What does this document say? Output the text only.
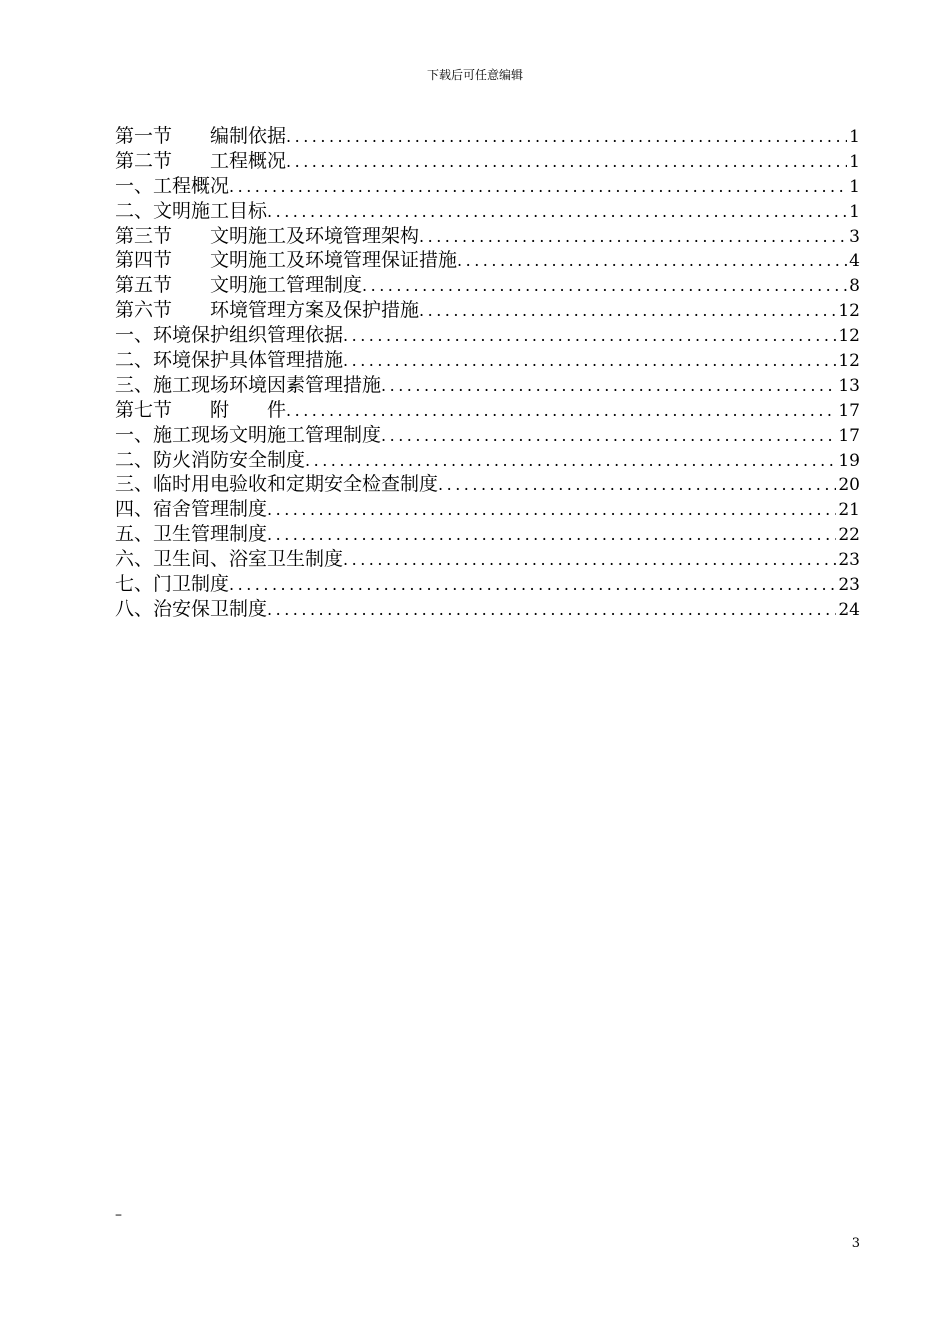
下载后可任意编辑
第一节　　编制依据 .....	1
第二节　　工程概况 .....	1
一、工程概况 .....	1
二、文明施工目标 .....	1
第三节　　文明施工及环境管理架构 .....	3
第四节　　文明施工及环境管理保证措施 .....	4
第五节　　文明施工管理制度 .....	8
第六节　　环境管理方案及保护措施 .....	12
一、环境保护组织管理依据 .....	12
二、环境保护具体管理措施 .....	12
三、施工现场环境因素管理措施 .....	13
第七节　　附　　件 .....	17
一、施工现场文明施工管理制度 .....	17
二、防火消防安全制度 .....	19
三、临时用电验收和定期安全检查制度 .....	20
四、宿舍管理制度 .....	21
五、卫生管理制度 .....	22
六、卫生间、浴室卫生制度 .....	23
七、门卫制度 .....	23
八、治安保卫制度 .....	24
–
3
